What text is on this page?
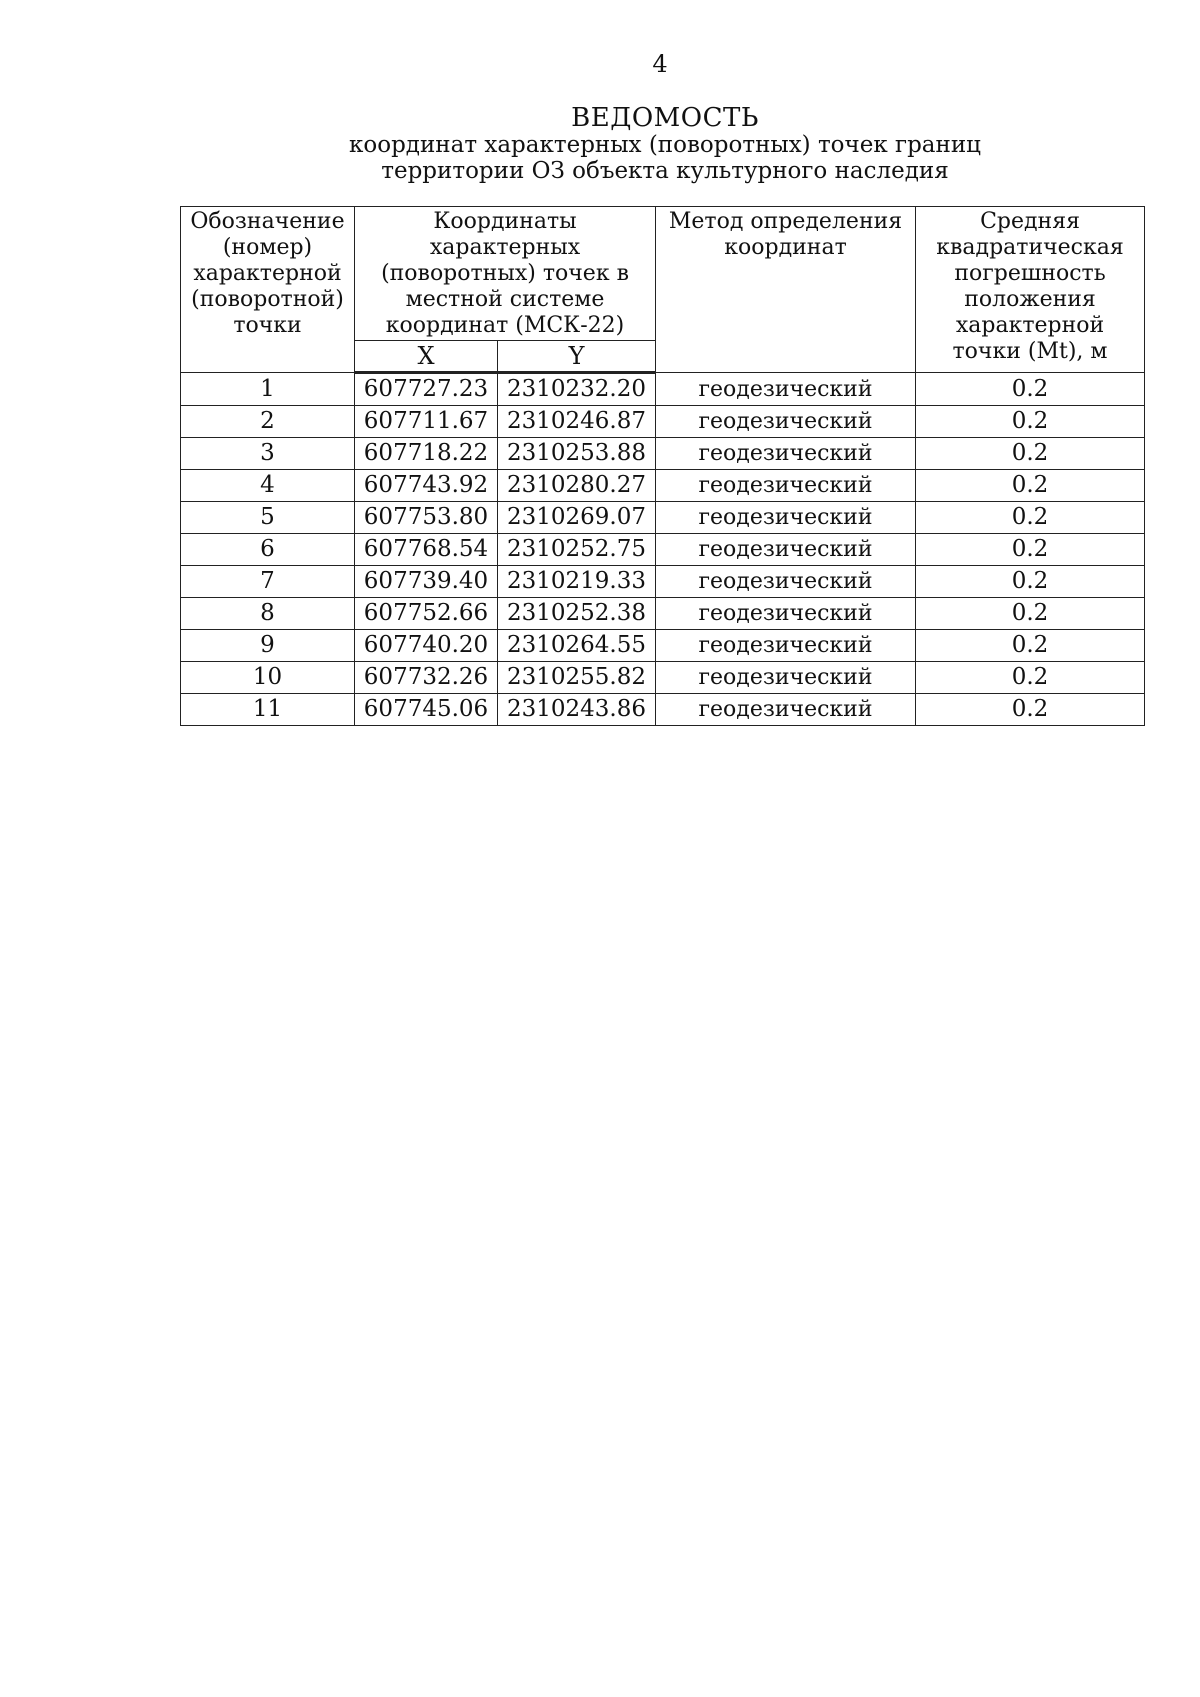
4
ВЕДОМОСТЬ
координат характерных (поворотных) точек границ
территории ОЗ объекта культурного наследия
Обозначение (номер) характерной (поворотной) точки	Координаты характерных (поворотных) точек в местной системе координат (МСК-22)		Метод определения координат	Средняя квадратическая погрешность положения характерной точки (Mt), м
	X	Y		
1	607727.23	2310232.20	геодезический	0.2
2	607711.67	2310246.87	геодезический	0.2
3	607718.22	2310253.88	геодезический	0.2
4	607743.92	2310280.27	геодезический	0.2
5	607753.80	2310269.07	геодезический	0.2
6	607768.54	2310252.75	геодезический	0.2
7	607739.40	2310219.33	геодезический	0.2
8	607752.66	2310252.38	геодезический	0.2
9	607740.20	2310264.55	геодезический	0.2
10	607732.26	2310255.82	геодезический	0.2
11	607745.06	2310243.86	геодезический	0.2
